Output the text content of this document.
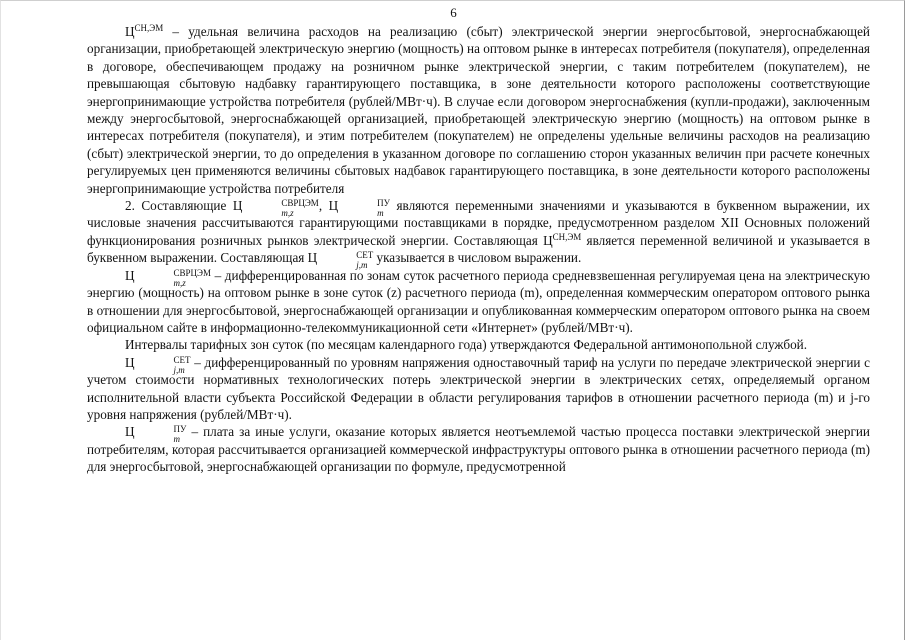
6

$Ц^{СН,ЭМ}$ – удельная величина расходов на реализацию (сбыт) электрической энергии энергосбытовой, энергоснабжающей организации, приобретающей электрическую энергию (мощность) на оптовом рынке в интересах потребителя (покупателя), определенная в договоре, обеспечивающем продажу на розничном рынке электрической энергии, с таким потребителем (покупателем), не превышающая сбытовую надбавку гарантирующего поставщика, в зоне деятельности которого расположены соответствующие энергопринимающие устройства потребителя (рублей/МВт·ч). В случае если договором энергоснабжения (купли-продажи), заключенным между энергосбытовой, энергоснабжающей организацией, приобретающей электрическую энергию (мощность) на оптовом рынке в интересах потребителя (покупателя), и этим потребителем (покупателем) не определены удельные величины расходов на реализацию (сбыт) электрической энергии, то до определения в указанном договоре по соглашению сторон указанных величин при расчете конечных регулируемых цен применяются величины сбытовых надбавок гарантирующего поставщика, в зоне деятельности которого расположены энергопринимающие устройства потребителя

2. Составляющие Ц	СВРЦЭМ
m,z , Ц	ПУ
m являются переменными значениями и указываются в буквенном выражении, их числовые значения рассчитываются гарантирующими поставщиками в порядке, предусмотренном разделом XII Основных положений функционирования розничных рынков электрической энергии. Составляющая $Ц^{СН,ЭМ}$ является переменной величиной и указывается в буквенном выражении. Составляющая Ц	СЕТ
j,m указывается в числовом выражении.

Ц	СВРЦЭМ
m,z – дифференцированная по зонам суток расчетного периода средневзвешенная регулируемая цена на электрическую энергию (мощность) на оптовом рынке в зоне суток (z) расчетного периода (m), определенная коммерческим оператором оптового рынка в отношении для энергосбытовой, энергоснабжающей организации и опубликованная коммерческим оператором оптового рынка на своем официальном сайте в информационно-телекоммуникационной сети «Интернет» (рублей/МВт·ч).

Интервалы тарифных зон суток (по месяцам календарного года) утверждаются Федеральной антимонопольной службой.

Ц	СЕТ
j,m – дифференцированный по уровням напряжения одноставочный тариф на услуги по передаче электрической энергии с учетом стоимости нормативных технологических потерь электрической энергии в электрических сетях, определяемый органом исполнительной власти субъекта Российской Федерации в области регулирования тарифов в отношении расчетного периода (m) и j-го уровня напряжения (рублей/МВт·ч).

Ц	ПУ
m – плата за иные услуги, оказание которых является неотъемлемой частью процесса поставки электрической энергии потребителям, которая рассчитывается организацией коммерческой инфраструктуры оптового рынка в отношении расчетного периода (m) для энергосбытовой, энергоснабжающей организации по формуле, предусмотренной
